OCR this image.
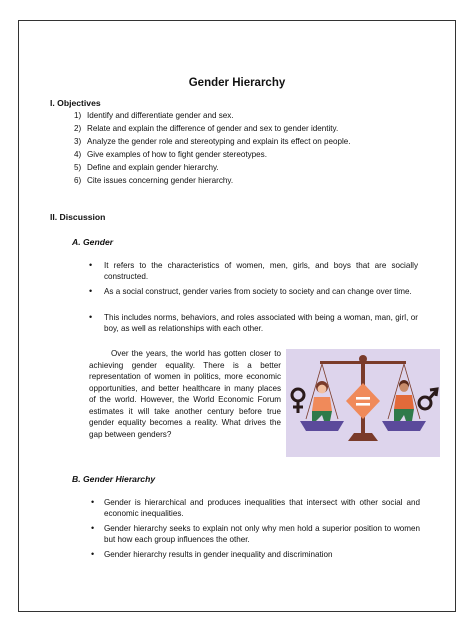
Gender Hierarchy
I. Objectives
1) Identify and differentiate gender and sex.
2) Relate and explain the difference of gender and sex to gender identity.
3) Analyze the gender role and stereotyping and explain its effect on people.
4) Give examples of how to fight gender stereotypes.
5) Define and explain gender hierarchy.
6) Cite issues concerning gender hierarchy.
II. Discussion
A. Gender
• It refers to the characteristics of women, men, girls, and boys that are socially constructed.
• As a social construct, gender varies from society to society and can change over time.
• This includes norms, behaviors, and roles associated with being a woman, man, girl, or boy, as well as relationships with each other.
Over the years, the world has gotten closer to achieving gender equality. There is a better representation of women in politics, more economic opportunities, and better healthcare in many places of the world. However, the World Economic Forum estimates it will take another century before true gender equality becomes a reality. What drives the gap between genders?
B. Gender Hierarchy
• Gender is hierarchical and produces inequalities that intersect with other social and economic inequalities.
• Gender hierarchy seeks to explain not only why men hold a superior position to women but how each group influences the other.
• Gender hierarchy results in gender inequality and discrimination
